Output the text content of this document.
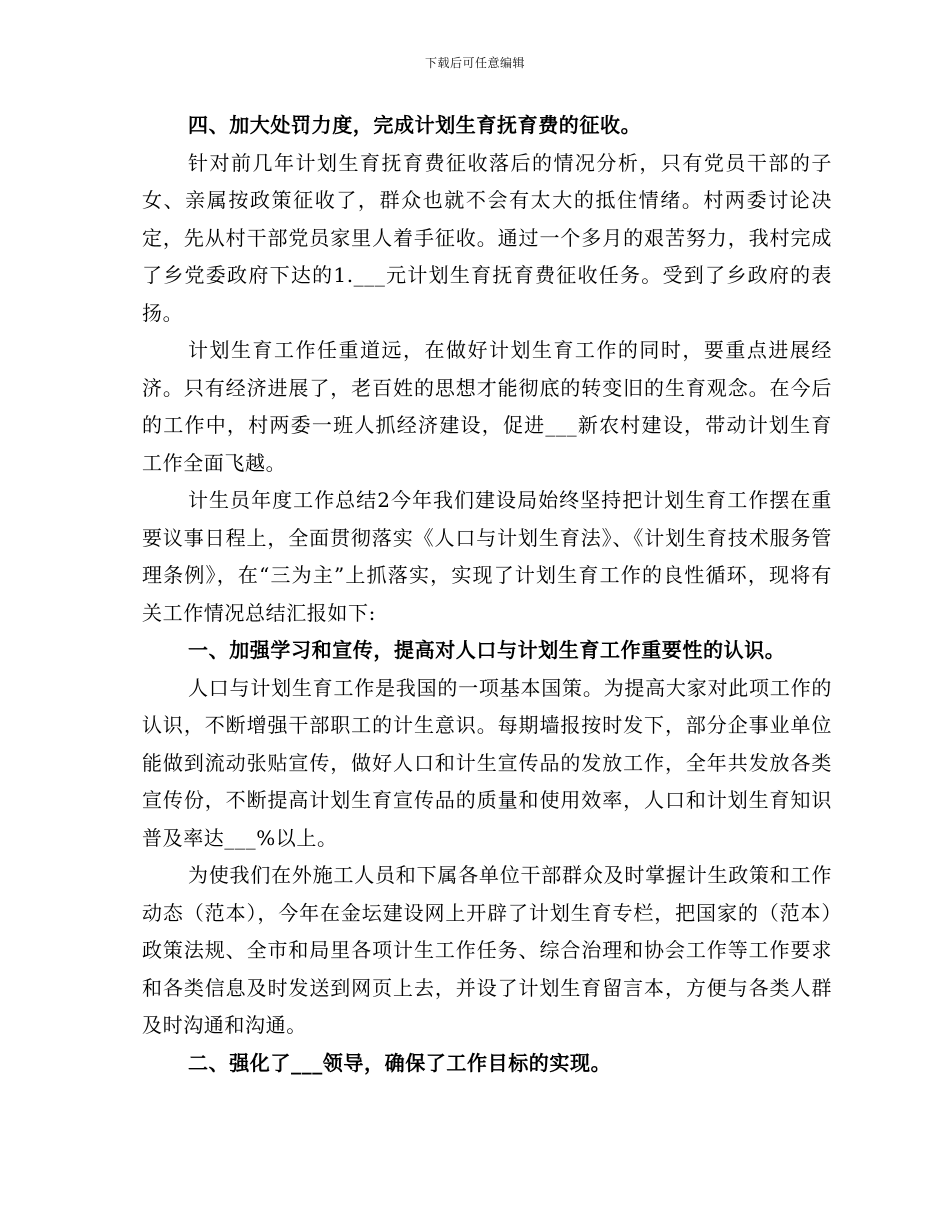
下载后可任意编辑

四、加大处罚力度，完成计划生育抚育费的征收。

针对前几年计划生育抚育费征收落后的情况分析，只有党员干部的子女、亲属按政策征收了，群众也就不会有太大的抵住情绪。村两委讨论决定，先从村干部党员家里人着手征收。通过一个多月的艰苦努力，我村完成了乡党委政府下达的1.___元计划生育抚育费征收任务。受到了乡政府的表扬。

计划生育工作任重道远，在做好计划生育工作的同时，要重点进展经济。只有经济进展了，老百姓的思想才能彻底的转变旧的生育观念。在今后的工作中，村两委一班人抓经济建设，促进___新农村建设，带动计划生育工作全面飞越。

计生员年度工作总结2今年我们建设局始终坚持把计划生育工作摆在重要议事日程上，全面贯彻落实《人口与计划生育法》、《计划生育技术服务管理条例》，在“三为主”上抓落实，实现了计划生育工作的良性循环，现将有关工作情况总结汇报如下:

一、加强学习和宣传，提高对人口与计划生育工作重要性的认识。

人口与计划生育工作是我国的一项基本国策。为提高大家对此项工作的认识，不断增强干部职工的计生意识。每期墙报按时发下，部分企事业单位能做到流动张贴宣传，做好人口和计生宣传品的发放工作，全年共发放各类宣传份，不断提高计划生育宣传品的质量和使用效率，人口和计划生育知识普及率达___%以上。

为使我们在外施工人员和下属各单位干部群众及时掌握计生政策和工作动态（范本），今年在金坛建设网上开辟了计划生育专栏，把国家的（范本）政策法规、全市和局里各项计生工作任务、综合治理和协会工作等工作要求和各类信息及时发送到网页上去，并设了计划生育留言本，方便与各类人群及时沟通和沟通。

二、强化了___领导，确保了工作目标的实现。
